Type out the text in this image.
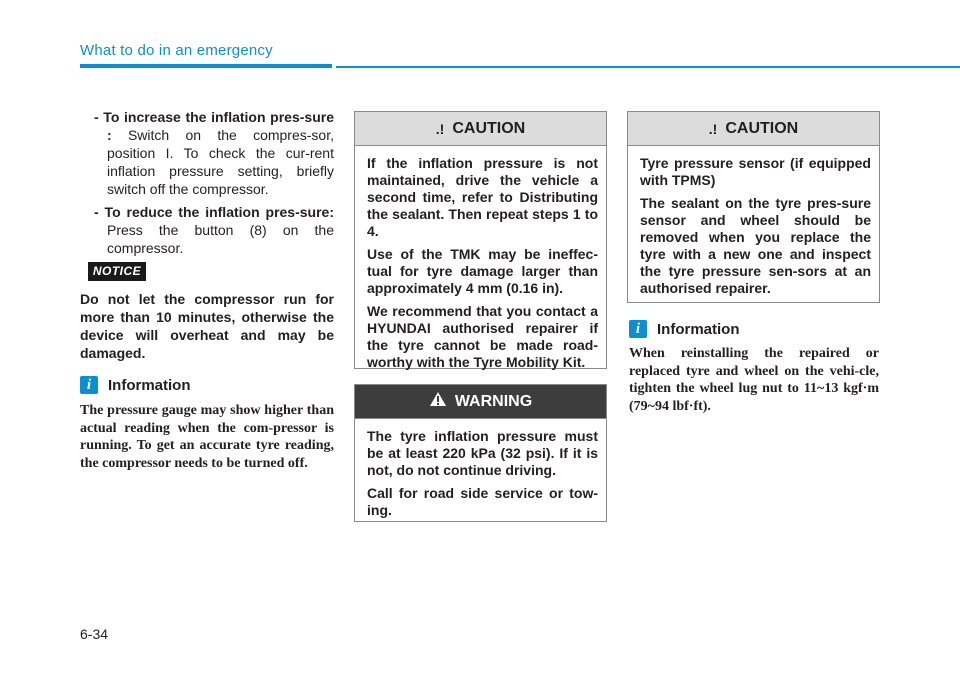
What to do in an emergency

- To increase the inflation pres-sure : Switch on the compres-sor, position I. To check the cur-rent inflation pressure setting, briefly switch off the compressor.

- To reduce the inflation pres-sure: Press the button (8) on the compressor.

NOTICE
Do not let the compressor run for more than 10 minutes, otherwise the device will overheat and may be damaged.
i	Information
The pressure gauge may show higher than actual reading when the com-pressor is running. To get an accurate tyre reading, the compressor needs to be turned off.
.! CAUTION

If the inflation pressure is not maintained, drive the vehicle a second time, refer to Distributing the sealant. Then repeat steps 1 to 4.

Use of the TMK may be ineffec-tual for tyre damage larger than approximately 4 mm (0.16 in).

We recommend that you contact a HYUNDAI authorised repairer if the tyre cannot be made road-worthy with the Tyre Mobility Kit.

WARNING

The tyre inflation pressure must be at least 220 kPa (32 psi). If it is not, do not continue driving.

Call for road side service or tow-ing.

.! CAUTION

Tyre pressure sensor (if equipped with TPMS)

The sealant on the tyre pres-sure sensor and wheel should be removed when you replace the tyre with a new one and inspect the tyre pressure sen-sors at an authorised repairer.

i	Information
When reinstalling the repaired or replaced tyre and wheel on the vehi-cle, tighten the wheel lug nut to 11~13 kgf·m (79~94 lbf·ft).
6-34
